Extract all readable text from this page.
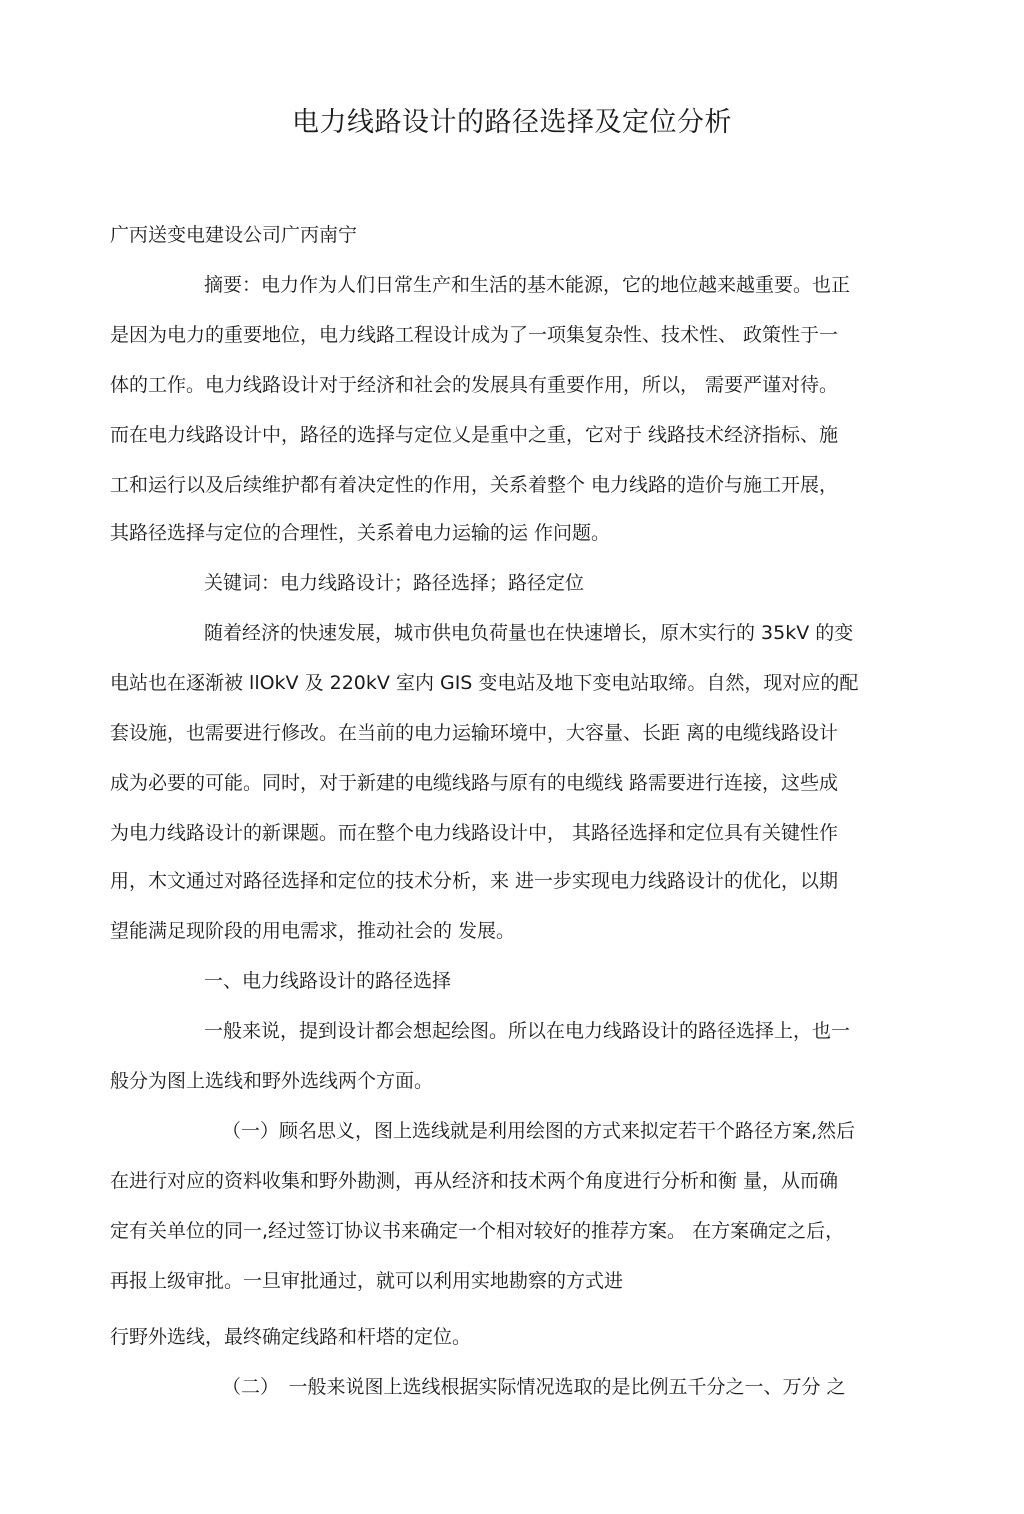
电力线路设计的路径选择及定位分析
广丙送变电建设公司广丙南宁
摘要：电力作为人们日常生产和生活的基木能源，它的地位越来越重要。也正
是因为电力的重要地位，电力线路工程设计成为了一项集复杂性、技术性、 政策性于一
体的工作。电力线路设计对于经济和社会的发展具有重要作用，所以， 需要严谨对待。
而在电力线路设计中，路径的选择与定位乂是重中之重，它对于 线路技术经济指标、施
工和运行以及后续维护都有着决定性的作用，关系着整个 电力线路的造价与施工开展，
其路径选择与定位的合理性，关系着电力运输的运 作问题。
关键词：电力线路设计；路径选择；路径定位
随着经济的快速发展，城市供电负荷量也在快速增长，原木实行的 35kV 的变
电站也在逐渐被 llOkV 及 220kV 室内 GIS 变电站及地下变电站取缔。自然，现对应的配
套设施，也需要进行修改。在当前的电力运输环境中，大容量、长距 离的电缆线路设计
成为必要的可能。同时，对于新建的电缆线路与原有的电缆线 路需要进行连接，这些成
为电力线路设计的新课题。而在整个电力线路设计中， 其路径选择和定位具有关键性作
用，木文通过对路径选择和定位的技术分析，来 进一步实现电力线路设计的优化，以期
望能满足现阶段的用电需求，推动社会的 发展。
一、电力线路设计的路径选择
一般来说，提到设计都会想起绘图。所以在电力线路设计的路径选择上，也一
般分为图上选线和野外选线两个方面。
（一）顾名思义，图上选线就是利用绘图的方式来拟定若干个路径方案,然后
在进行对应的资料收集和野外勘测，再从经济和技术两个角度进行分析和衡 量，从而确
定有关单位的同一,经过签订协议书来确定一个相对较好的推荐方案。 在方案确定之后，
再报上级审批。一旦审批通过，就可以利用实地勘察的方式进
行野外选线，最终确定线路和杆塔的定位。
（二）　一般来说图上选线根据实际情况选取的是比例五千分之一、万分 之
